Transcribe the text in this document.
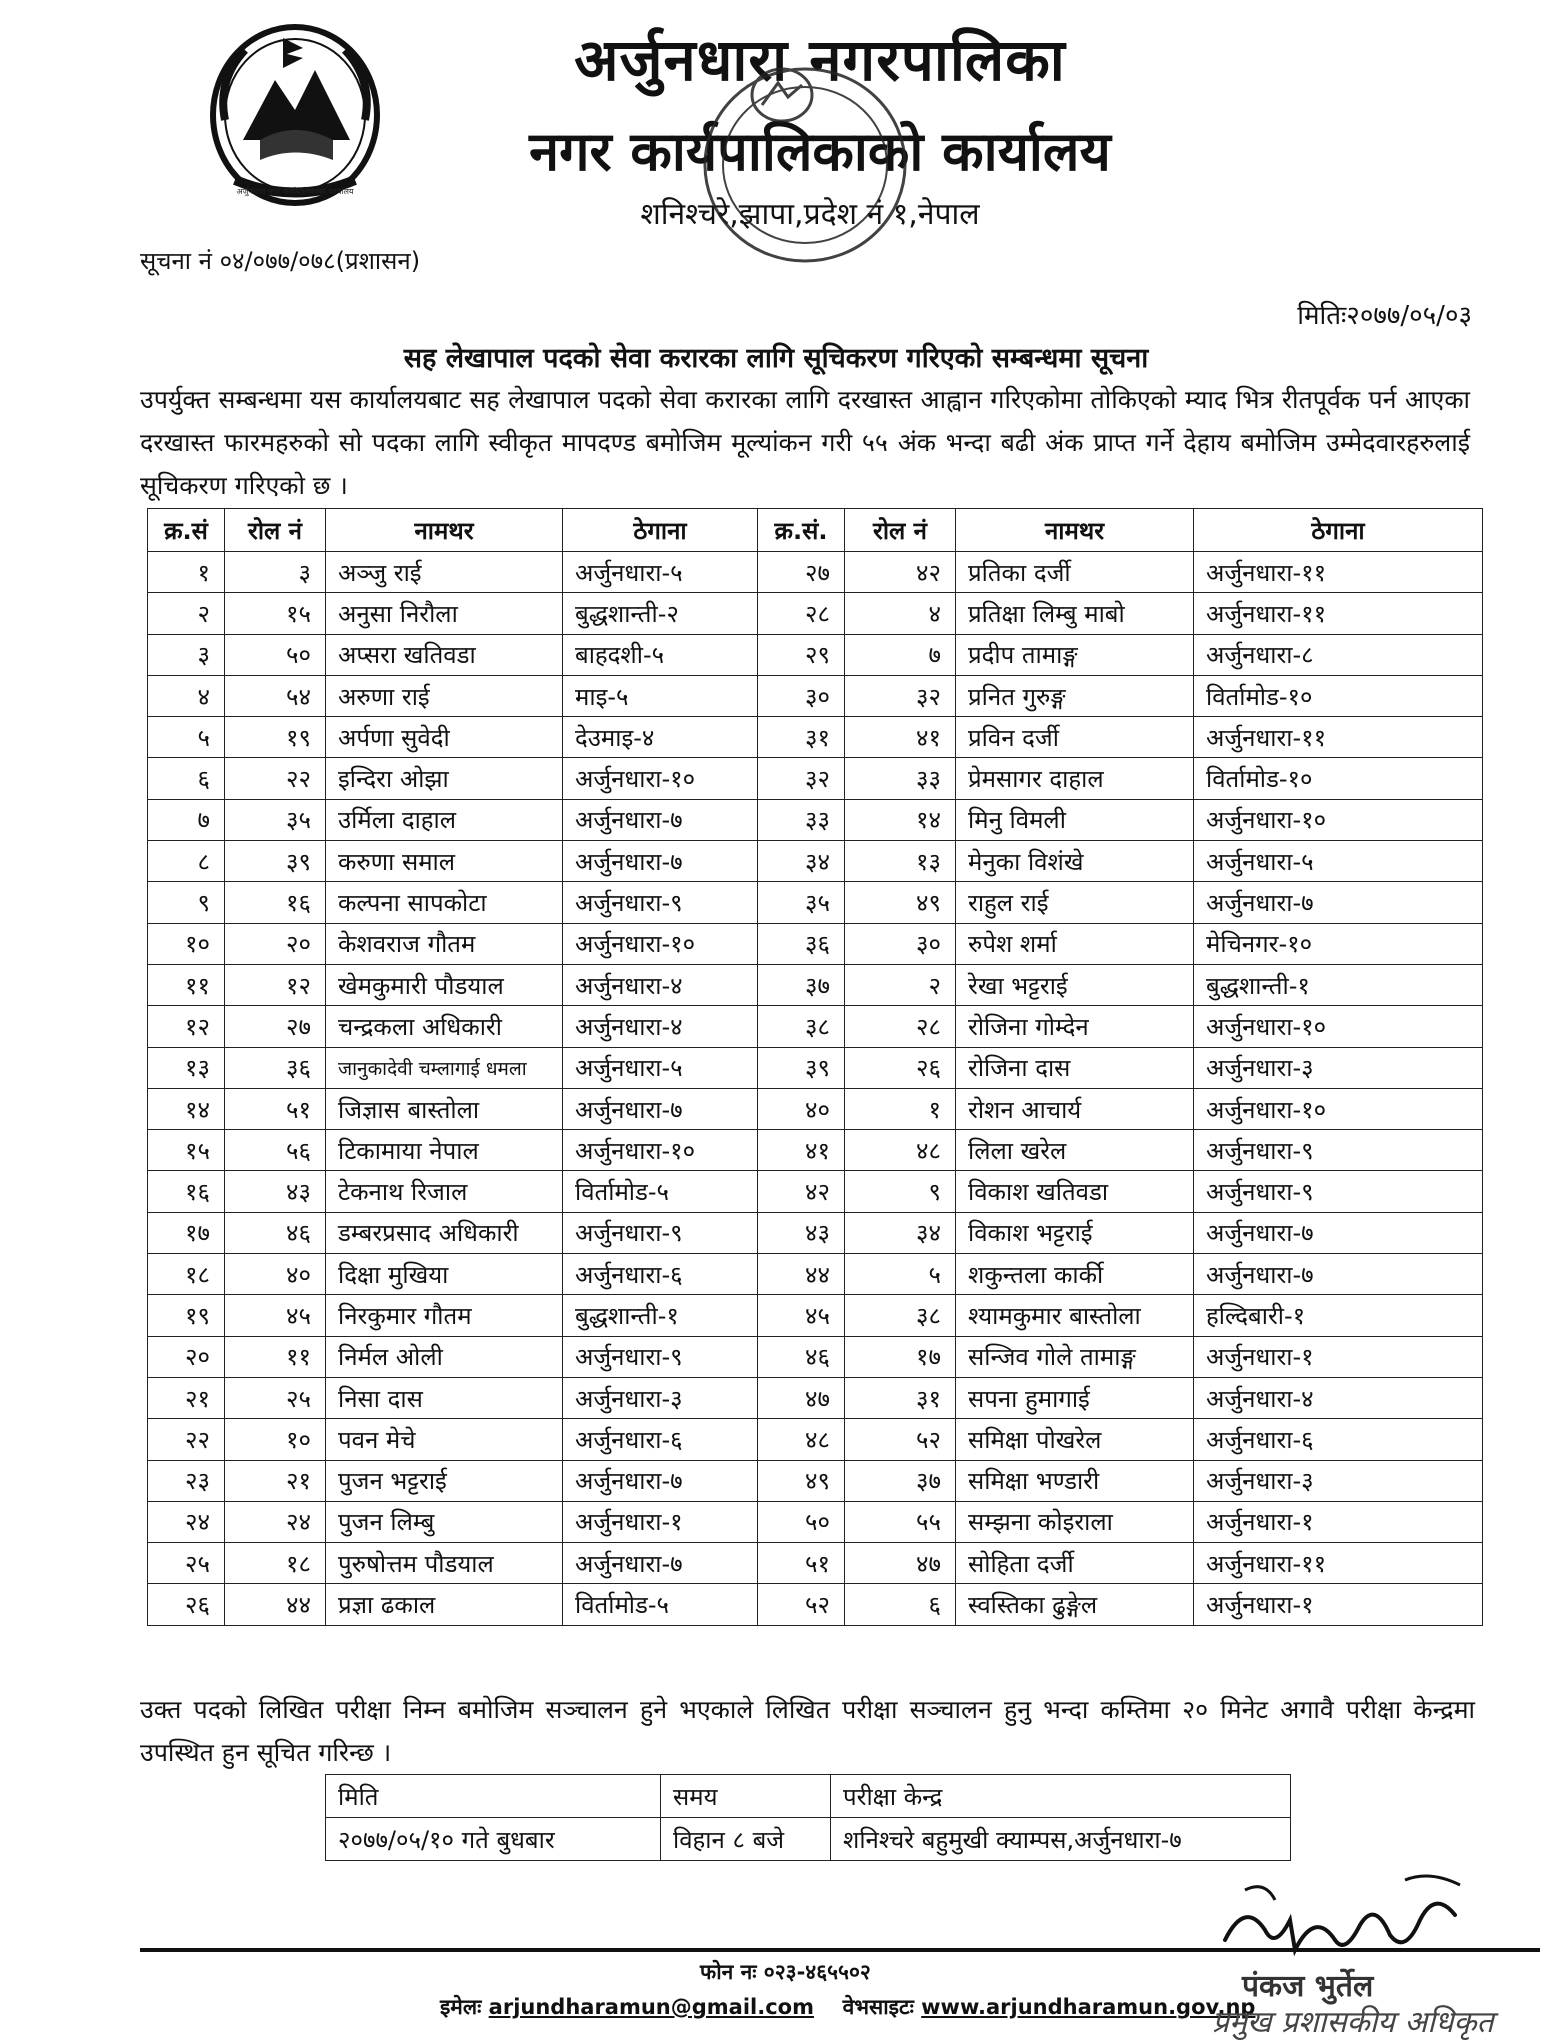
अर्जुनधारा नगर कार्यपालिकाको कार्यालय
अर्जुनधारा नगरपालिका
नगर कार्यपालिकाको कार्यालय
शनिश्चरे,झापा,प्रदेश नं १,नेपाल
सूचना नं ०४/०७७/०७८(प्रशासन)
मितिः२०७७/०५/०३
सह लेखापाल पदको सेवा करारका लागि सूचिकरण गरिएको सम्बन्धमा सूचना
उपर्युक्त सम्बन्धमा यस कार्यालयबाट सह लेखापाल पदको सेवा करारका लागि दरखास्त आह्वान गरिएकोमा तोकिएको म्याद भित्र रीतपूर्वक पर्न आएका दरखास्त फारमहरुको सो पदका लागि स्वीकृत मापदण्ड बमोजिम मूल्यांकन गरी ५५ अंक भन्दा बढी अंक प्राप्त गर्ने देहाय बमोजिम उम्मेदवारहरुलाई सूचिकरण गरिएको छ ।
क्र.सं	रोल नं	नामथर	ठेगाना	क्र.सं.	रोल नं	नामथर	ठेगाना
१	३	अञ्जु राई	अर्जुनधारा-५	२७	४२	प्रतिका दर्जी	अर्जुनधारा-११
२	१५	अनुसा निरौला	बुद्धशान्ती-२	२८	४	प्रतिक्षा लिम्बु माबो	अर्जुनधारा-११
३	५०	अप्सरा खतिवडा	बाहदशी-५	२९	७	प्रदीप तामाङ्ग	अर्जुनधारा-८
४	५४	अरुणा राई	माइ-५	३०	३२	प्रनित गुरुङ्ग	विर्तामोड-१०
५	१९	अर्पणा सुवेदी	देउमाइ-४	३१	४१	प्रविन दर्जी	अर्जुनधारा-११
६	२२	इन्दिरा ओझा	अर्जुनधारा-१०	३२	३३	प्रेमसागर दाहाल	विर्तामोड-१०
७	३५	उर्मिला दाहाल	अर्जुनधारा-७	३३	१४	मिनु विमली	अर्जुनधारा-१०
८	३९	करुणा समाल	अर्जुनधारा-७	३४	१३	मेनुका विशंखे	अर्जुनधारा-५
९	१६	कल्पना सापकोटा	अर्जुनधारा-९	३५	४९	राहुल राई	अर्जुनधारा-७
१०	२०	केशवराज गौतम	अर्जुनधारा-१०	३६	३०	रुपेश शर्मा	मेचिनगर-१०
११	१२	खेमकुमारी पौडयाल	अर्जुनधारा-४	३७	२	रेखा भट्टराई	बुद्धशान्ती-१
१२	२७	चन्द्रकला अधिकारी	अर्जुनधारा-४	३८	२८	रोजिना गोम्देन	अर्जुनधारा-१०
१३	३६	जानुकादेवी चम्लागाई धमला	अर्जुनधारा-५	३९	२६	रोजिना दास	अर्जुनधारा-३
१४	५१	जिज्ञास बास्तोला	अर्जुनधारा-७	४०	१	रोशन आचार्य	अर्जुनधारा-१०
१५	५६	टिकामाया नेपाल	अर्जुनधारा-१०	४१	४८	लिला खरेल	अर्जुनधारा-९
१६	४३	टेकनाथ रिजाल	विर्तामोड-५	४२	९	विकाश खतिवडा	अर्जुनधारा-९
१७	४६	डम्बरप्रसाद अधिकारी	अर्जुनधारा-९	४३	३४	विकाश भट्टराई	अर्जुनधारा-७
१८	४०	दिक्षा मुखिया	अर्जुनधारा-६	४४	५	शकुन्तला कार्की	अर्जुनधारा-७
१९	४५	निरकुमार गौतम	बुद्धशान्ती-१	४५	३८	श्यामकुमार बास्तोला	हल्दिबारी-१
२०	११	निर्मल ओली	अर्जुनधारा-९	४६	१७	सन्जिव गोले तामाङ्ग	अर्जुनधारा-१
२१	२५	निसा दास	अर्जुनधारा-३	४७	३१	सपना हुमागाई	अर्जुनधारा-४
२२	१०	पवन मेचे	अर्जुनधारा-६	४८	५२	समिक्षा पोखरेल	अर्जुनधारा-६
२३	२१	पुजन भट्टराई	अर्जुनधारा-७	४९	३७	समिक्षा भण्डारी	अर्जुनधारा-३
२४	२४	पुजन लिम्बु	अर्जुनधारा-१	५०	५५	सम्झना कोइराला	अर्जुनधारा-१
२५	१८	पुरुषोत्तम पौडयाल	अर्जुनधारा-७	५१	४७	सोहिता दर्जी	अर्जुनधारा-११
२६	४४	प्रज्ञा ढकाल	विर्तामोड-५	५२	६	स्वस्तिका ढुङ्गेल	अर्जुनधारा-१
उक्त पदको लिखित परीक्षा निम्न बमोजिम सञ्चालन हुने भएकाले लिखित परीक्षा सञ्चालन हुनु भन्दा कम्तिमा २० मिनेट अगावै परीक्षा केन्द्रमा उपस्थित हुन सूचित गरिन्छ ।
मिति	समय	परीक्षा केन्द्र
२०७७/०५/१० गते बुधबार	विहान ८ बजे	शनिश्चरे बहुमुखी क्याम्पस,अर्जुनधारा-७
फोन नः ०२३-४६५५०२
इमेलः arjundharamun@gmail.com वेभसाइटः www.arjundharamun.gov.np
पंकज भुर्तेल
प्रमुख प्रशासकीय अधिकृत
